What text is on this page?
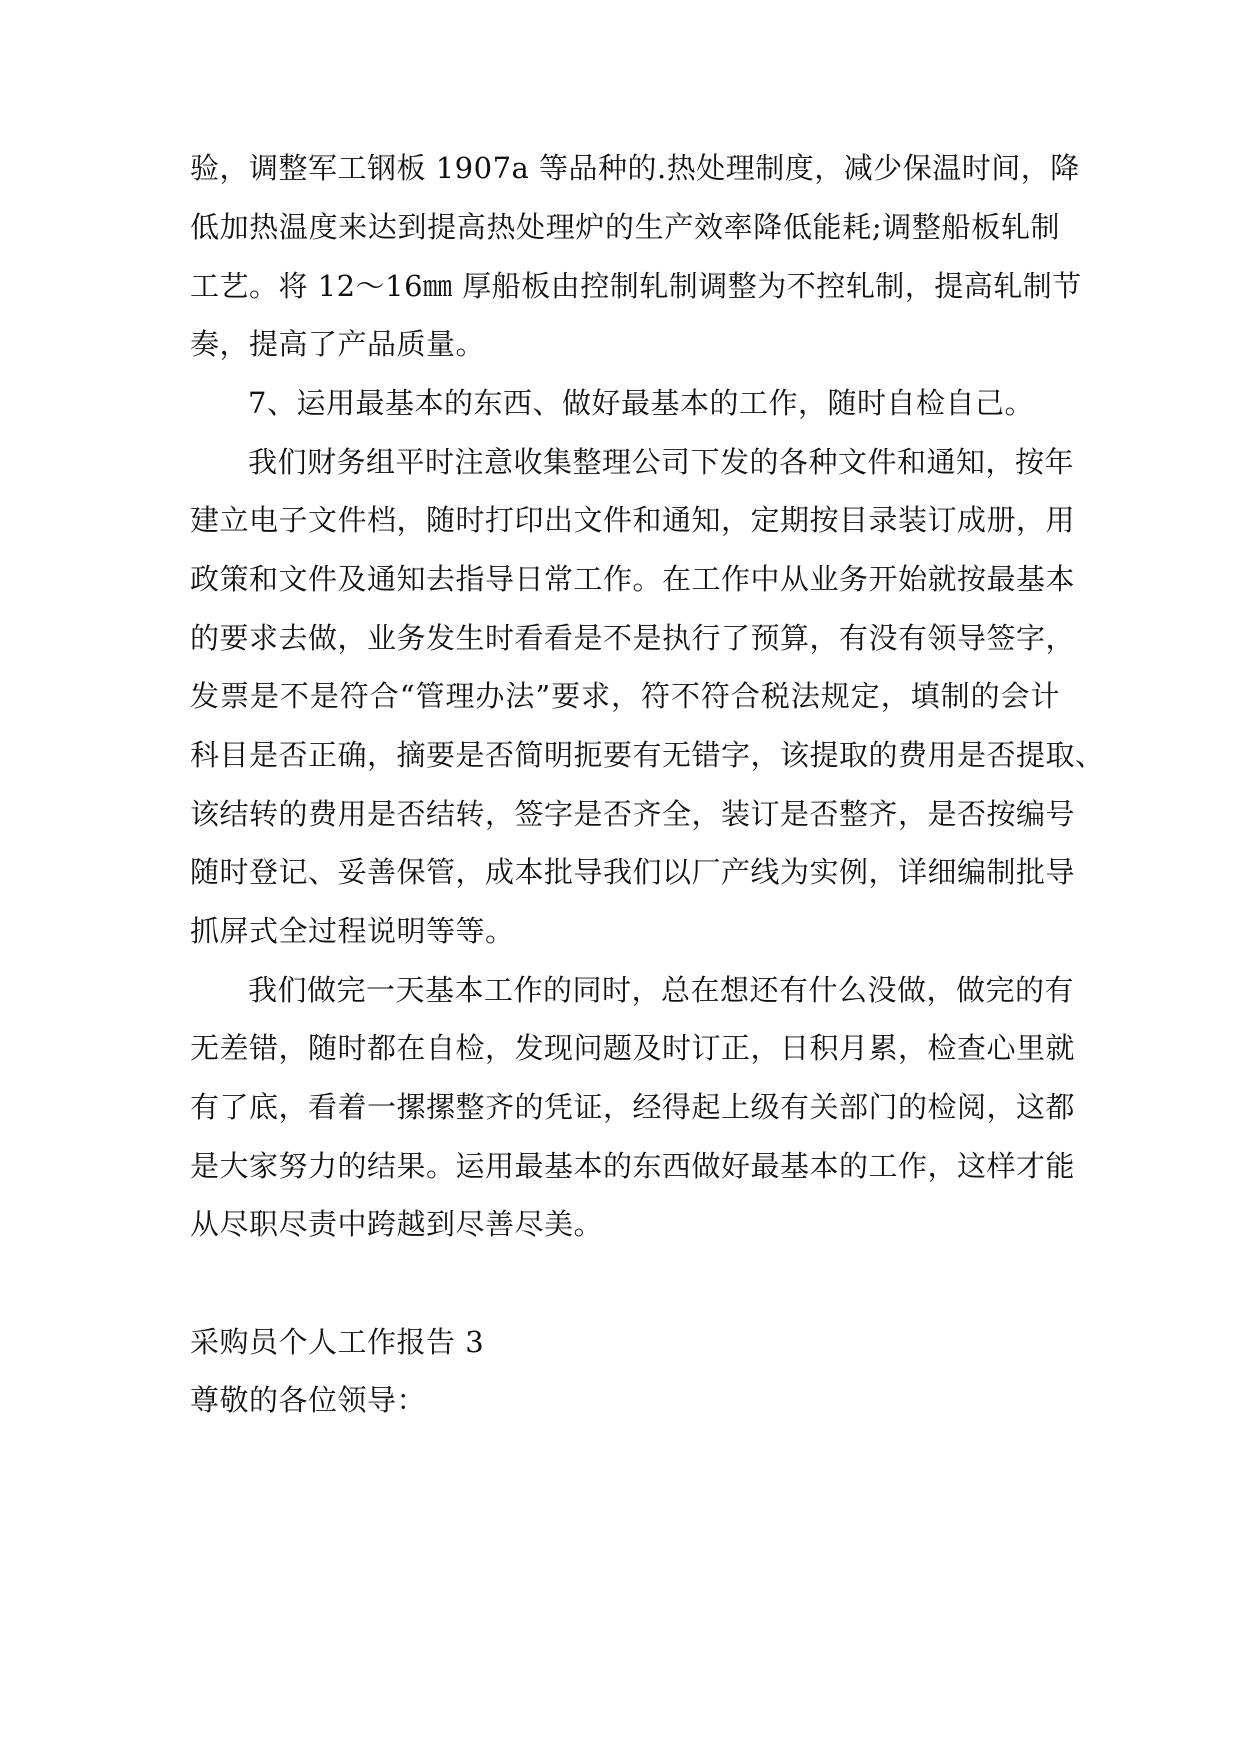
验，调整军工钢板 1907a 等品种的.热处理制度，减少保温时间，降
低加热温度来达到提高热处理炉的生产效率降低能耗;调整船板轧制
工艺。将 12～16㎜ 厚船板由控制轧制调整为不控轧制，提高轧制节
奏，提高了产品质量。
7、运用最基本的东西、做好最基本的工作，随时自检自己。
我们财务组平时注意收集整理公司下发的各种文件和通知，按年
建立电子文件档，随时打印出文件和通知，定期按目录装订成册，用
政策和文件及通知去指导日常工作。在工作中从业务开始就按最基本
的要求去做，业务发生时看看是不是执行了预算，有没有领导签字，
发票是不是符合“管理办法”要求，符不符合税法规定，填制的会计
科目是否正确，摘要是否简明扼要有无错字，该提取的费用是否提取、
该结转的费用是否结转，签字是否齐全，装订是否整齐，是否按编号
随时登记、妥善保管，成本批导我们以厂产线为实例，详细编制批导
抓屏式全过程说明等等。
我们做完一天基本工作的同时，总在想还有什么没做，做完的有
无差错，随时都在自检，发现问题及时订正，日积月累，检查心里就
有了底，看着一摞摞整齐的凭证，经得起上级有关部门的检阅，这都
是大家努力的结果。运用最基本的东西做好最基本的工作，这样才能
从尽职尽责中跨越到尽善尽美。
采购员个人工作报告 3
尊敬的各位领导：
